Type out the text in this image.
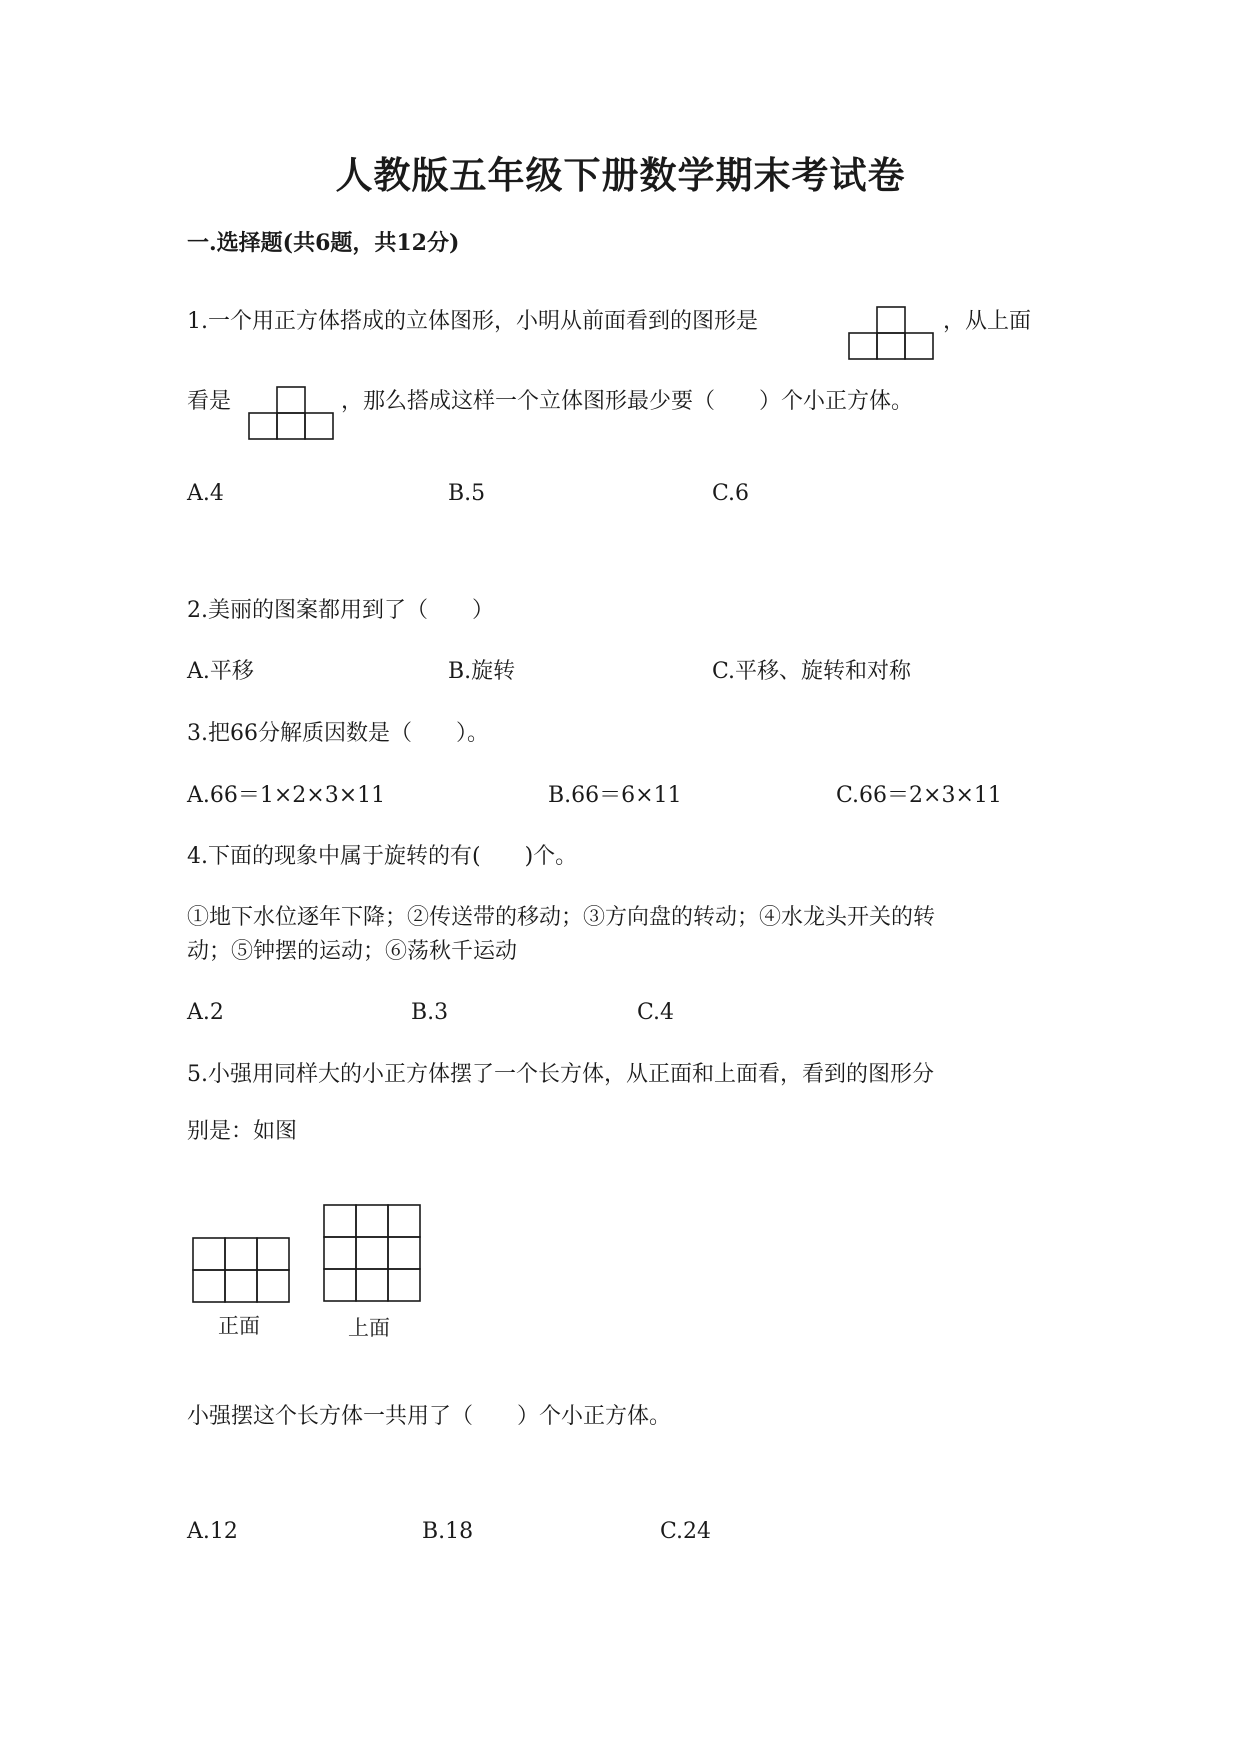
人教版五年级下册数学期末考试卷
一.选择题(共6题，共12分)
1.一个用正方体搭成的立体图形，小明从前面看到的图形是	，从上面
看是	，那么搭成这样一个立体图形最少要（　　）个小正方体。
A.4	B.5	C.6
2.美丽的图案都用到了（　　）
A.平移	B.旋转	C.平移、旋转和对称
3.把66分解质因数是（　　）。
A.66＝1×2×3×11	B.66＝6×11	C.66＝2×3×11
4.下面的现象中属于旋转的有(　　)个。
①地下水位逐年下降；②传送带的移动；③方向盘的转动；④水龙头开关的转
动；⑤钟摆的运动；⑥荡秋千运动
A.2	B.3	C.4
5.小强用同样大的小正方体摆了一个长方体，从正面和上面看，看到的图形分
别是：如图
正面	上面
小强摆这个长方体一共用了（　　）个小正方体。
A.12	B.18	C.24
